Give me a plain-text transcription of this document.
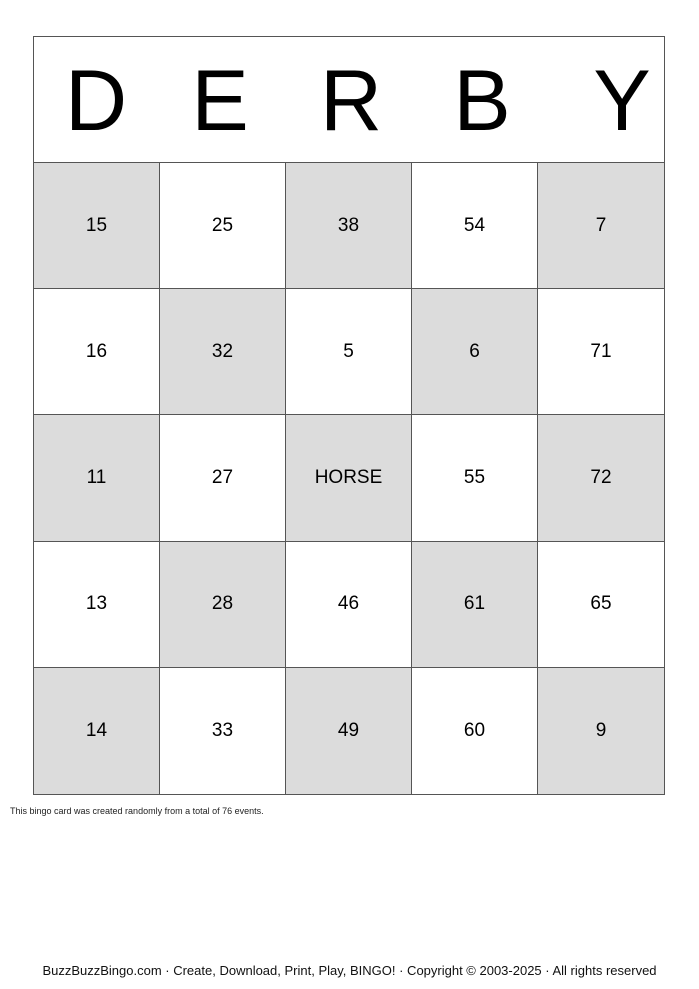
D E R B Y
15	25	38	54	7
16	32	5	6	71
11	27	HORSE	55	72
13	28	46	61	65
14	33	49	60	9
This bingo card was created randomly from a total of 76 events.
BuzzBuzzBingo.com · Create, Download, Print, Play, BINGO! · Copyright © 2003-2025 · All rights reserved
